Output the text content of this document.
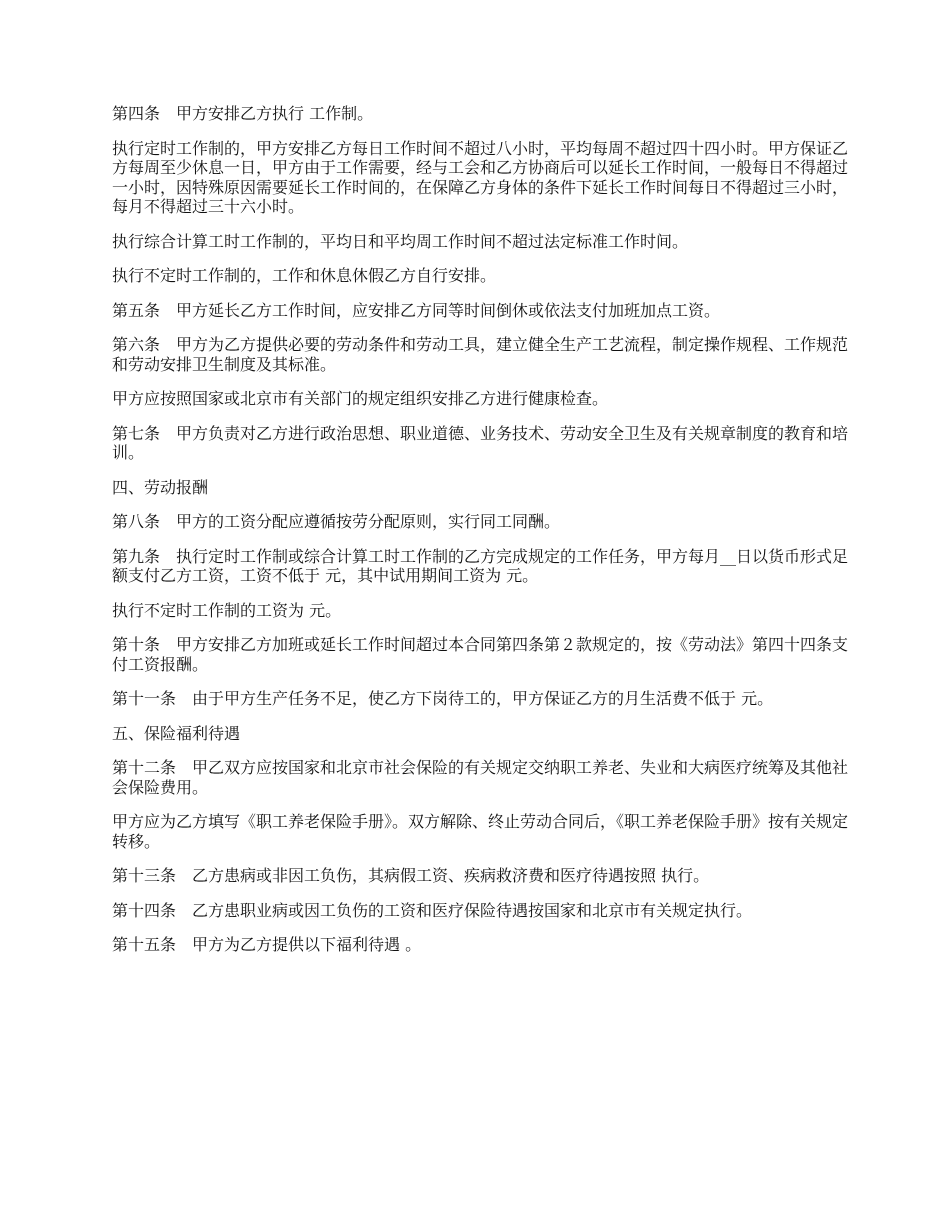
第四条　甲方安排乙方执行 工作制。

执行定时工作制的，甲方安排乙方每日工作时间不超过八小时，平均每周不超过四十四小时。甲方保证乙方每周至少休息一日，甲方由于工作需要，经与工会和乙方协商后可以延长工作时间，一般每日不得超过一小时，因特殊原因需要延长工作时间的，在保障乙方身体的条件下延长工作时间每日不得超过三小时，每月不得超过三十六小时。

执行综合计算工时工作制的，平均日和平均周工作时间不超过法定标准工作时间。

执行不定时工作制的，工作和休息休假乙方自行安排。

第五条　甲方延长乙方工作时间，应安排乙方同等时间倒休或依法支付加班加点工资。

第六条　甲方为乙方提供必要的劳动条件和劳动工具，建立健全生产工艺流程，制定操作规程、工作规范和劳动安排卫生制度及其标准。

甲方应按照国家或北京市有关部门的规定组织安排乙方进行健康检查。

第七条　甲方负责对乙方进行政治思想、职业道德、业务技术、劳动安全卫生及有关规章制度的教育和培训。

四、劳动报酬

第八条　甲方的工资分配应遵循按劳分配原则，实行同工同酬。

第九条　执行定时工作制或综合计算工时工作制的乙方完成规定的工作任务，甲方每月__日以货币形式足额支付乙方工资，工资不低于 元，其中试用期间工资为 元。

执行不定时工作制的工资为 元。

第十条　甲方安排乙方加班或延长工作时间超过本合同第四条第２款规定的，按《劳动法》第四十四条支付工资报酬。

第十一条　由于甲方生产任务不足，使乙方下岗待工的，甲方保证乙方的月生活费不低于 元。

五、保险福利待遇

第十二条　甲乙双方应按国家和北京市社会保险的有关规定交纳职工养老、失业和大病医疗统筹及其他社会保险费用。

甲方应为乙方填写《职工养老保险手册》。双方解除、终止劳动合同后，《职工养老保险手册》按有关规定转移。

第十三条　乙方患病或非因工负伤，其病假工资、疾病救济费和医疗待遇按照 执行。

第十四条　乙方患职业病或因工负伤的工资和医疗保险待遇按国家和北京市有关规定执行。

第十五条　甲方为乙方提供以下福利待遇 。
